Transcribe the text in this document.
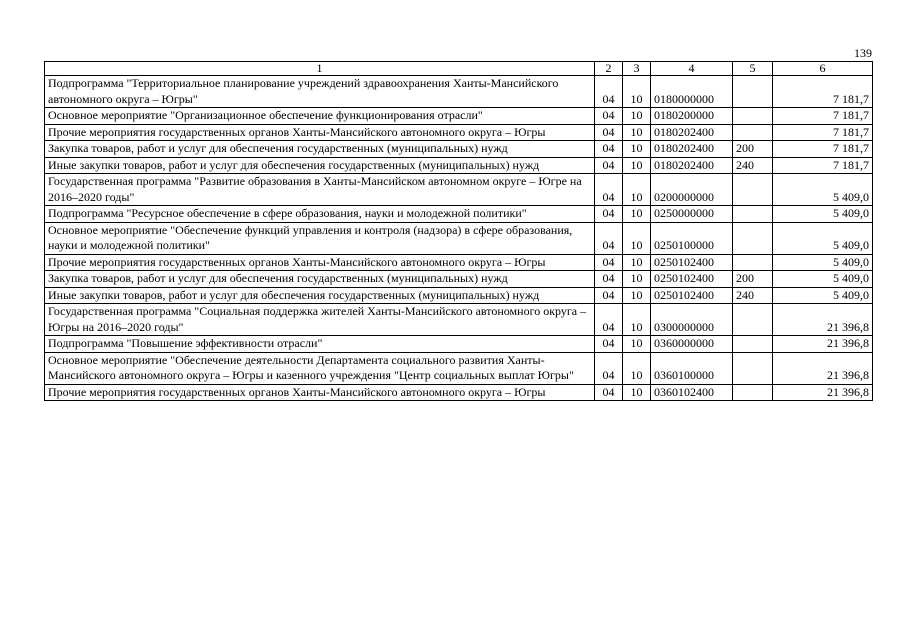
139
1	2	3	4	5	6
Подпрограмма "Территориальное планирование учреждений здравоохранения Ханты-Мансийского автономного округа – Югры"	04	10	0180000000		7 181,7
Основное мероприятие "Организационное обеспечение функционирования отрасли"	04	10	0180200000		7 181,7
Прочие мероприятия государственных органов Ханты-Мансийского автономного округа – Югры	04	10	0180202400		7 181,7
Закупка товаров, работ и услуг для обеспечения государственных (муниципальных) нужд	04	10	0180202400	200	7 181,7
Иные закупки товаров, работ и услуг для обеспечения государственных (муниципальных) нужд	04	10	0180202400	240	7 181,7
Государственная программа "Развитие образования в Ханты-Мансийском автономном округе – Югре на 2016–2020 годы"	04	10	0200000000		5 409,0
Подпрограмма "Ресурсное обеспечение в сфере образования, науки и молодежной политики"	04	10	0250000000		5 409,0
Основное мероприятие "Обеспечение функций управления и контроля (надзора) в сфере образования, науки и молодежной политики"	04	10	0250100000		5 409,0
Прочие мероприятия государственных органов Ханты-Мансийского автономного округа – Югры	04	10	0250102400		5 409,0
Закупка товаров, работ и услуг для обеспечения государственных (муниципальных) нужд	04	10	0250102400	200	5 409,0
Иные закупки товаров, работ и услуг для обеспечения государственных (муниципальных) нужд	04	10	0250102400	240	5 409,0
Государственная программа "Социальная поддержка жителей Ханты-Мансийского автономного округа – Югры на 2016–2020 годы"	04	10	0300000000		21 396,8
Подпрограмма "Повышение эффективности отрасли"	04	10	0360000000		21 396,8
Основное мероприятие "Обеспечение деятельности Департамента социального развития Ханты-Мансийского автономного округа – Югры и казенного учреждения "Центр социальных выплат Югры"	04	10	0360100000		21 396,8
Прочие мероприятия государственных органов Ханты-Мансийского автономного округа – Югры	04	10	0360102400		21 396,8
